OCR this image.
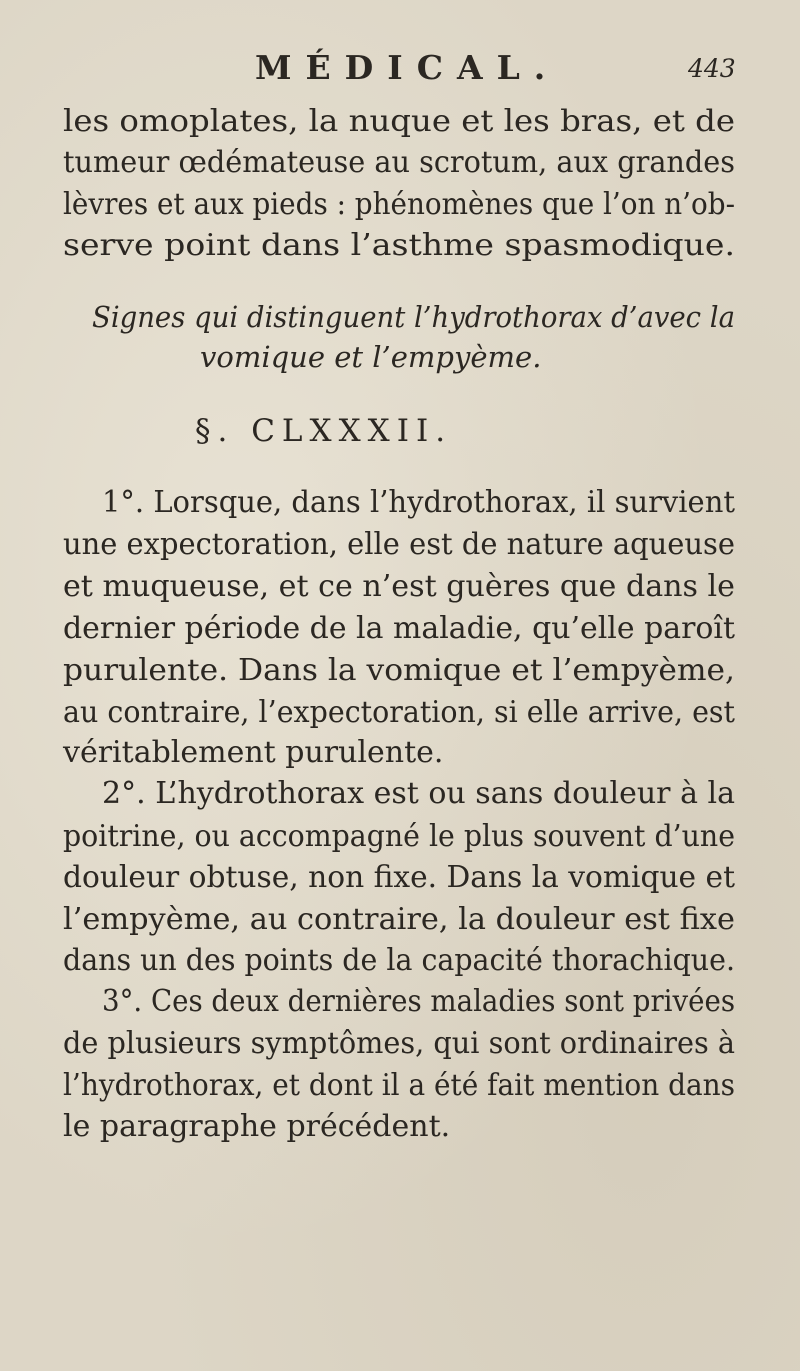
MÉDICAL.	443
les omoplates, la nuque et les bras, et de
tumeur œdémateuse au scrotum, aux grandes
lèvres et aux pieds : phénomènes que l’on n’ob-
serve point dans l’asthme spasmodique.
Signes qui distinguent l’hydrothorax d’avec la
vomique et l’empyème.
§. CLXXXII.
1°. Lorsque, dans l’hydrothorax, il survient
une expectoration, elle est de nature aqueuse
et muqueuse, et ce n’est guères que dans le
dernier période de la maladie, qu’elle paroît
purulente. Dans la vomique et l’empyème,
au contraire, l’expectoration, si elle arrive, est
véritablement purulente.
2°. L’hydrothorax est ou sans douleur à la
poitrine, ou accompagné le plus souvent d’une
douleur obtuse, non fixe. Dans la vomique et
l’empyème, au contraire, la douleur est fixe
dans un des points de la capacité thorachique.
3°. Ces deux dernières maladies sont privées
de plusieurs symptômes, qui sont ordinaires à
l’hydrothorax, et dont il a été fait mention dans
le paragraphe précédent.
